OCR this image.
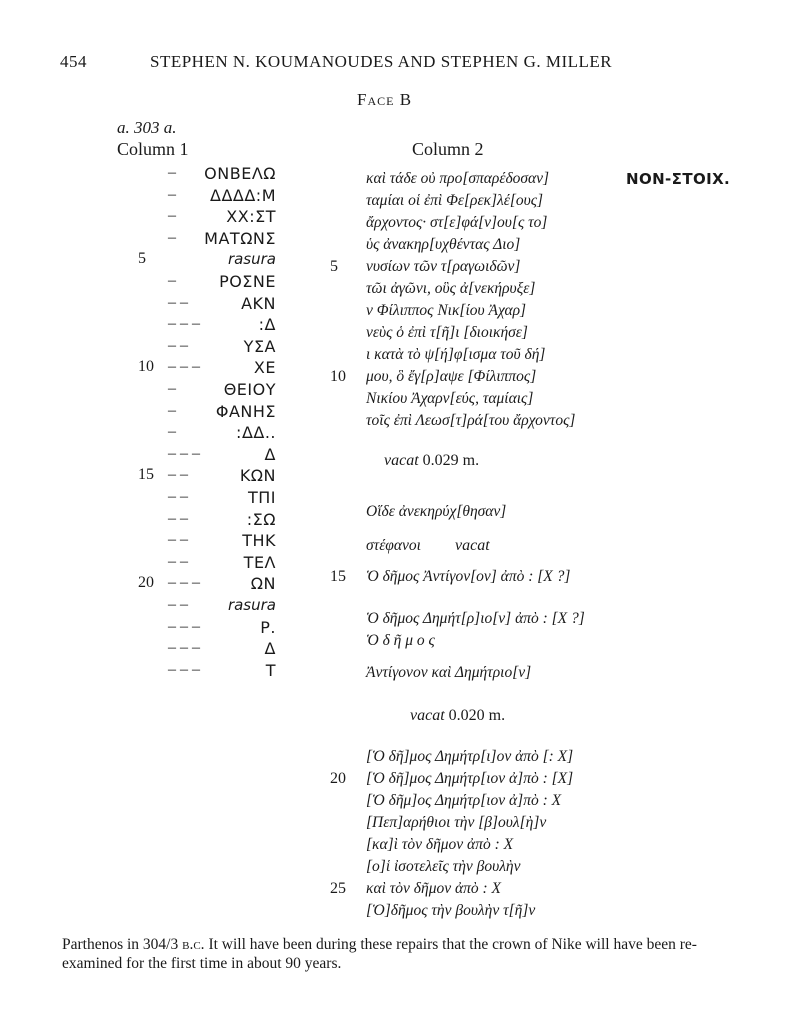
454	STEPHEN N. KOUMANOUDES AND STEPHEN G. MILLER
Face B
a. 303 a.
Column 1	Column 2
NON-ΣΤΟΙΧ.
– ΟΝΒΕΛΩ
– ΔΔΔΔ:Μ
–	ΧΧ:ΣΤ
– ΜΑΤΩΝΣ
5	rasura
–	ΡΟΣΝΕ
– –	ΑΚΝ
– – –	:Δ
– –	ΥΣΑ
10 – – –	ΧΕ
–	ΘΕΙΟΥ
– ΦΑΝΗΣ
–	:ΔΔ..
– – –	Δ
15 – –	ΚΩΝ
– –	ΤΠΙ
– –	:ΣΩ
– –	ΤΗΚ
– –	ΤΕΛ
20 – – –	ΩΝ
– –	rasura
– – –	Ρ.
– – –	Δ
– – –	Τ
καὶ τάδε οὐ προ[σπαρέδοσαν]
ταμίαι οἱ ἐπὶ Φε[ρεκ]λέ[ους]
ἄρχοντος· στ[ε]φά[ν]ου[ς το]
ὑς ἀνακηρ[υχθέντας Διο]
5 νυσίων τῶν τ[ραγωιδῶν]
τῶι ἀγῶνι, οὓς ἀ[νεκήρυξε]
ν Φίλιππος Νικ[ίου Ἀχαρ]
νεὺς ὁ ἐπὶ τ[ῆ]ι [διοικήσε]
ι κατὰ τὸ ψ[ή]φ[ισμα τοῦ δή]
10 μου, ὃ ἔγ[ρ]αψε [Φίλιππος]
Νικίου Ἀχαρν[εύς, ταμίαις]
τοῖς ἐπὶ Λεωσ[τ]ρά[του ἄρχοντος]
Οἵδε ἀνεκηρύχ[θησαν]
στέφανοι
15 Ὁ δῆμος Ἀντίγον[ον] ἀπὸ : [Χ ?]
Ὁ δῆμος Δημήτ[ρ]ιο[ν] ἀπὸ : [Χ ?]
Ὁ δ ῆ μ ο ς
Ἀντίγονον καὶ Δημήτριο[ν]
[Ὁ δῆ]μος Δημήτρ[ι]ον ἀπὸ [: Χ]
20 [Ὁ δῆ]μος Δημήτρ[ιον ἀ]πὸ : [Χ]
[Ὁ δῆμ]ος Δημήτρ[ιον ἀ]πὸ : Χ
[Πεπ]αρήθιοι τὴν [β]ουλ[ὴ]ν
[κα]ὶ τὸν δῆμον ἀπὸ : Χ
[ο]ἱ ἰσοτελεῖς τὴν βουλὴν
25 καὶ τὸν δῆμον ἀπὸ : Χ
[Ὁ]δῆμος τὴν βουλὴν τ[ῆ]ν
vacat 0.029 m.
vacat
vacat 0.020 m.
Parthenos in 304/3 b.c. It will have been during these repairs that the crown of Nike will have been re-examined for the first time in about 90 years.
